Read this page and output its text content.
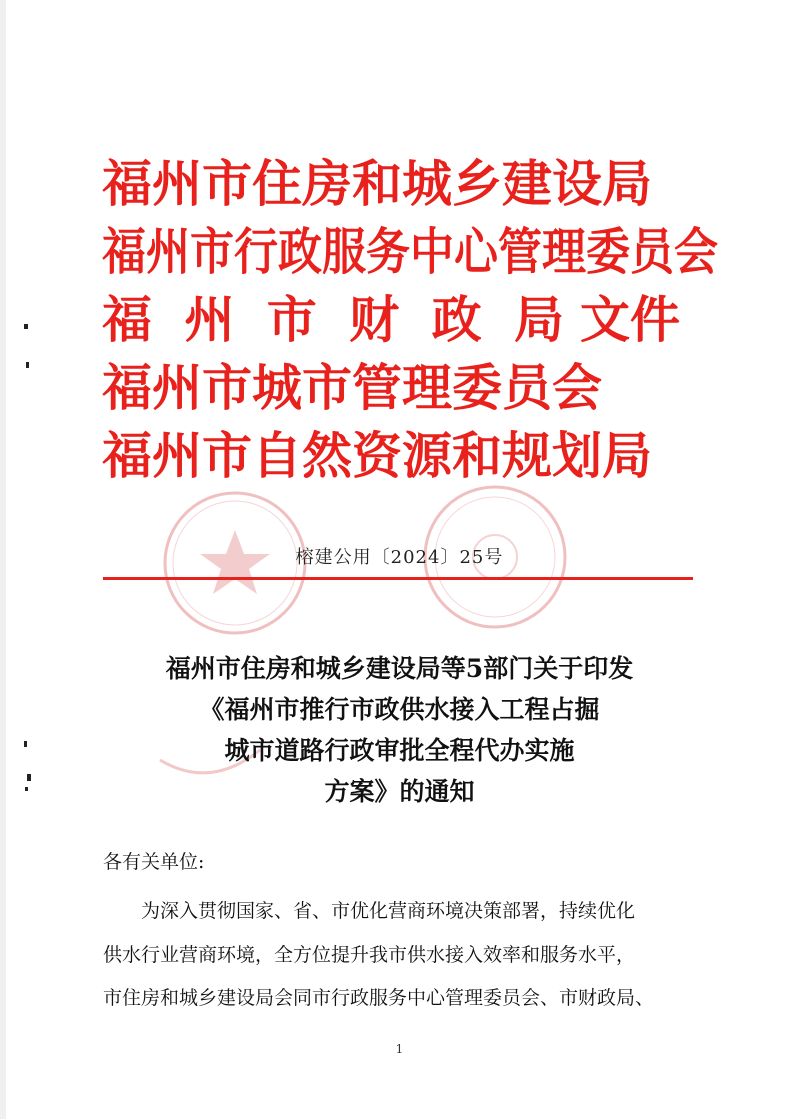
福州市住房和城乡建设局
福州市行政服务中心管理委员会
福 州 市 财 政 局 文件
福州市城市管理委员会
福州市自然资源和规划局
榕建公用〔2024〕25号
福州市住房和城乡建设局等5部门关于印发
《福州市推行市政供水接入工程占掘
城市道路行政审批全程代办实施
方案》的通知
各有关单位:
为深入贯彻国家、省、市优化营商环境决策部署，持续优化
供水行业营商环境，全方位提升我市供水接入效率和服务水平，
市住房和城乡建设局会同市行政服务中心管理委员会、市财政局、
1
